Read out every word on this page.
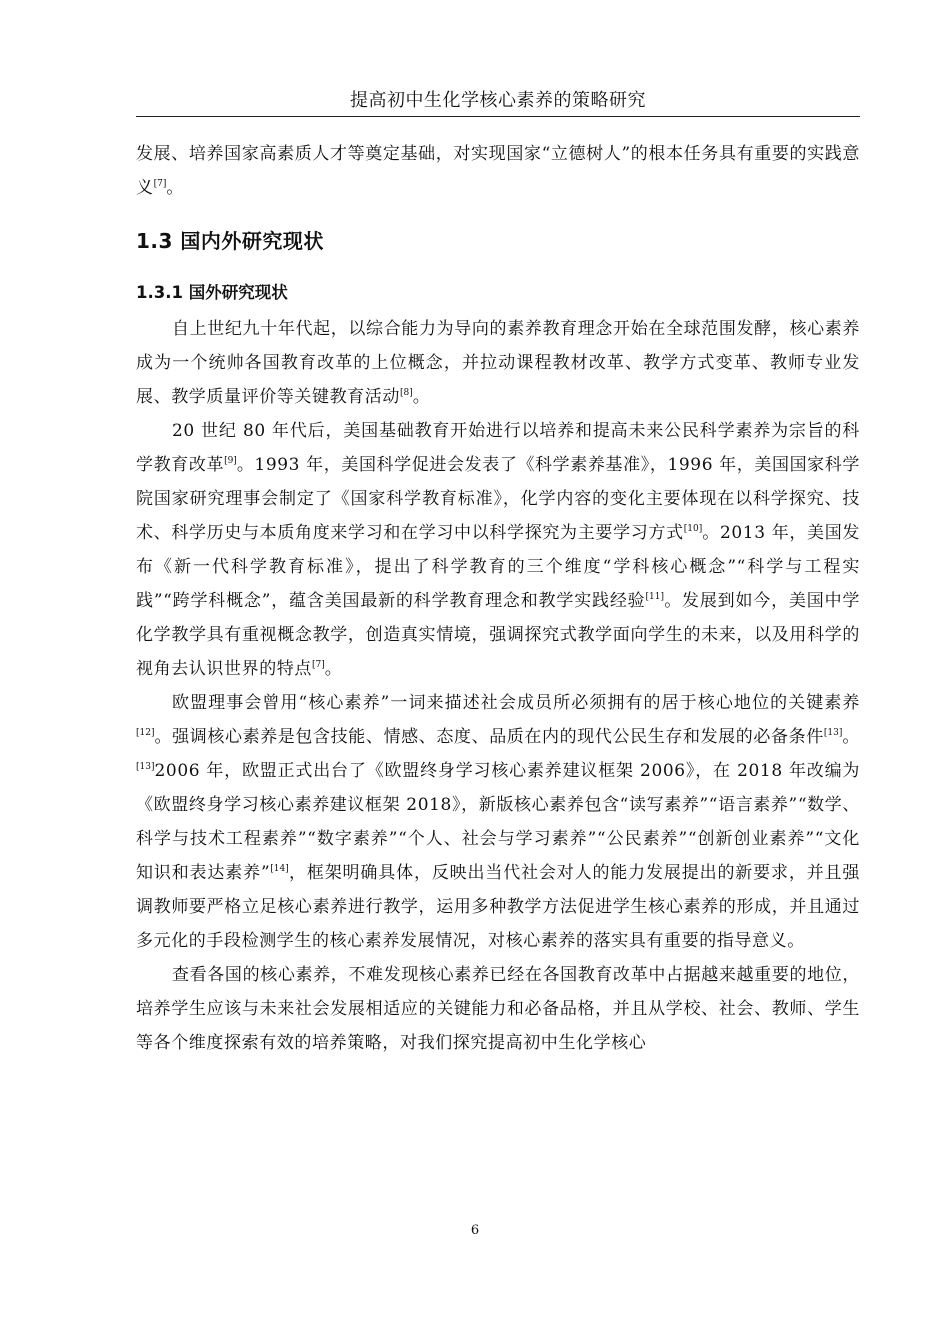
提高初中生化学核心素养的策略研究

发展、培养国家高素质人才等奠定基础，对实现国家“立德树人”的根本任务具有重要的实践意义[7]。

1.3 国内外研究现状
1.3.1 国外研究现状

自上世纪九十年代起，以综合能力为导向的素养教育理念开始在全球范围发酵，核心素养成为一个统帅各国教育改革的上位概念，并拉动课程教材改革、教学方式变革、教师专业发展、教学质量评价等关键教育活动[8]。

20 世纪 80 年代后，美国基础教育开始进行以培养和提高未来公民科学素养为宗旨的科学教育改革[9]。1993 年，美国科学促进会发表了《科学素养基准》，1996 年，美国国家科学院国家研究理事会制定了《国家科学教育标准》，化学内容的变化主要体现在以科学探究、技术、科学历史与本质角度来学习和在学习中以科学探究为主要学习方式[10]。2013 年，美国发布《新一代科学教育标准》，提出了科学教育的三个维度“学科核心概念”“科学与工程实践”“跨学科概念”，蕴含美国最新的科学教育理念和教学实践经验[11]。发展到如今，美国中学化学教学具有重视概念教学，创造真实情境，强调探究式教学面向学生的未来，以及用科学的视角去认识世界的特点[7]。

欧盟理事会曾用“核心素养”一词来描述社会成员所必须拥有的居于核心地位的关键素养[12]。强调核心素养是包含技能、情感、态度、品质在内的现代公民生存和发展的必备条件[13]。[13]2006 年，欧盟正式出台了《欧盟终身学习核心素养建议框架 2006》，在 2018 年改编为《欧盟终身学习核心素养建议框架 2018》，新版核心素养包含“读写素养”“语言素养”“数学、科学与技术工程素养”“数字素养”“个人、社会与学习素养”“公民素养”“创新创业素养”“文化知识和表达素养”[14]，框架明确具体，反映出当代社会对人的能力发展提出的新要求，并且强调教师要严格立足核心素养进行教学，运用多种教学方法促进学生核心素养的形成，并且通过多元化的手段检测学生的核心素养发展情况，对核心素养的落实具有重要的指导意义。

查看各国的核心素养，不难发现核心素养已经在各国教育改革中占据越来越重要的地位，培养学生应该与未来社会发展相适应的关键能力和必备品格，并且从学校、社会、教师、学生等各个维度探索有效的培养策略，对我们探究提高初中生化学核心

6
